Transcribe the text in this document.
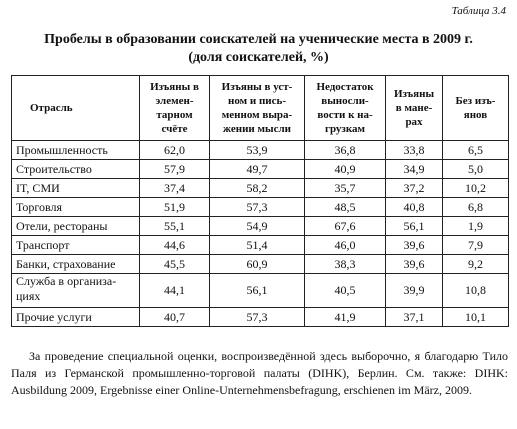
Таблица 3.4
Пробелы в образовании соискателей на ученические места в 2009 г.
(доля соискателей, %)
Отрасль	Изъяны в элемен-тарном счёте	Изъяны в уст-ном и пись-менном выра-жении мысли	Недостаток выносли-вости к на-грузкам	Изъяны в мане-рах	Без изъ-янов
Промышленность	62,0	53,9	36,8	33,8	6,5
Строительство	57,9	49,7	40,9	34,9	5,0
IT, СМИ	37,4	58,2	35,7	37,2	10,2
Торговля	51,9	57,3	48,5	40,8	6,8
Отели, рестораны	55,1	54,9	67,6	56,1	1,9
Транспорт	44,6	51,4	46,0	39,6	7,9
Банки, страхование	45,5	60,9	38,3	39,6	9,2
Служба в организа-циях	44,1	56,1	40,5	39,9	10,8
Прочие услуги	40,7	57,3	41,9	37,1	10,1
За проведение специальной оценки, воспроизведённой здесь выборочно, я благодарю Тило Паля из Германской промышленно-торговой палаты (DIHK), Берлин. См. также: DIHK: Ausbildung 2009, Ergebnisse einer Online-Unternehmensbefragung, erschienen im März, 2009.
